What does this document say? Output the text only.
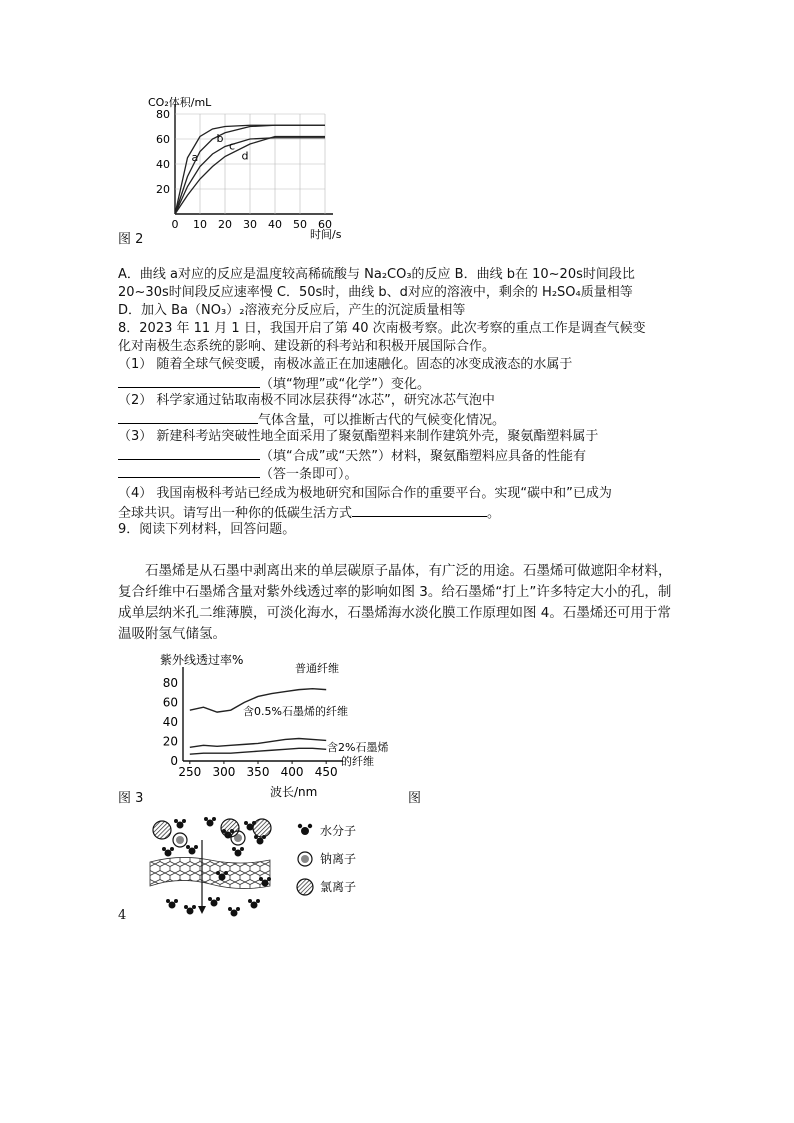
CO₂体积/mL
20
40
60
80
0 10 20 30 40 50 60
a
b
c
d
时间/s
图 2
A．曲线 a对应的反应是温度较高稀硫酸与 Na₂CO₃的反应 B．曲线 b在 10~20s时间段比
20~30s时间段反应速率慢 C．50s时，曲线 b、d对应的溶液中，剩余的 H₂SO₄质量相等
D．加入 Ba（NO₃）₂溶液充分反应后，产生的沉淀质量相等
8．2023 年 11 月 1 日，我国开启了第 40 次南极考察。此次考察的重点工作是调查气候变
化对南极生态系统的影响、建设新的科考站和积极开展国际合作。
（1） 随着全球气候变暖，南极冰盖正在加速融化。固态的冰变成液态的水属于
（填“物理”或“化学”）变化。
（2） 科学家通过钻取南极不同冰层获得“冰芯”，研究冰芯气泡中
气体含量，可以推断古代的气候变化情况。
（3） 新建科考站突破性地全面采用了聚氨酯塑料来制作建筑外壳，聚氨酯塑料属于
（填“合成”或“天然”）材料，聚氨酯塑料应具备的性能有
（答一条即可）。
（4） 我国南极科考站已经成为极地研究和国际合作的重要平台。实现“碳中和”已成为
全球共识。请写出一种你的低碳生活方式	。
9．阅读下列材料，回答问题。
石墨烯是从石墨中剥离出来的单层碳原子晶体，有广泛的用途。石墨烯可做遮阳伞材料，复合纤维中石墨烯含量对紫外线透过率的影响如图 3。给石墨烯“打上”许多特定大小的孔，制成单层纳米孔二维薄膜，可淡化海水，石墨烯海水淡化膜工作原理如图 4。石墨烯还可用于常温吸附氢气储氢。
紫外线透过率%
0
20
40
60
80
250 300 350 400 450
普通纤维
含0.5%石墨烯的纤维
含2%石墨烯
的纤维
波长/nm
图 3	图
水分子
钠离子
氯离子
4
